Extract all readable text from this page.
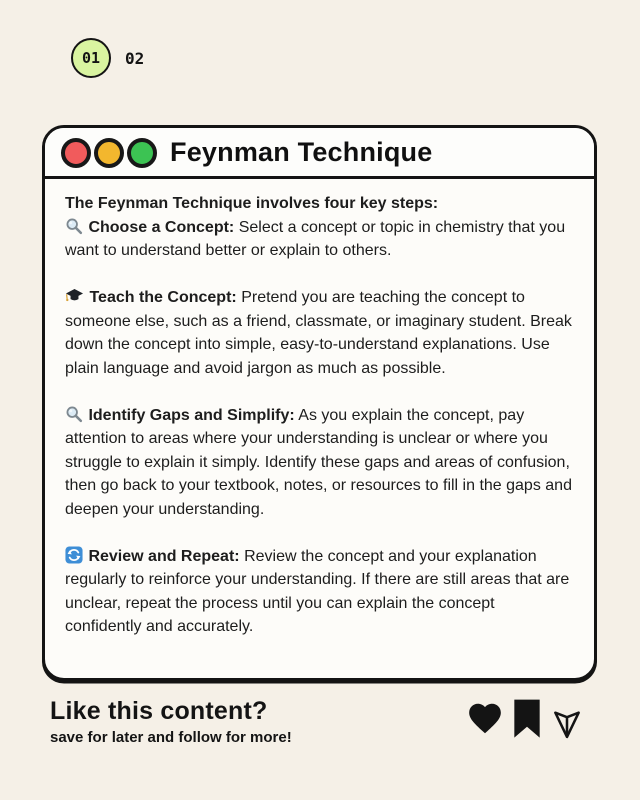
01 02
Feynman Technique

The Feynman Technique involves four key steps:

Choose a Concept: Select a concept or topic in chemistry that you want to understand better or explain to others.

Teach the Concept: Pretend you are teaching the concept to someone else, such as a friend, classmate, or imaginary student. Break down the concept into simple, easy-to-understand explanations. Use plain language and avoid jargon as much as possible.

Identify Gaps and Simplify: As you explain the concept, pay attention to areas where your understanding is unclear or where you struggle to explain it simply. Identify these gaps and areas of confusion, then go back to your textbook, notes, or resources to fill in the gaps and deepen your understanding.

Review and Repeat: Review the concept and your explanation regularly to reinforce your understanding. If there are still areas that are unclear, repeat the process until you can explain the concept confidently and accurately.

Like this content?
save for later and follow for more!
